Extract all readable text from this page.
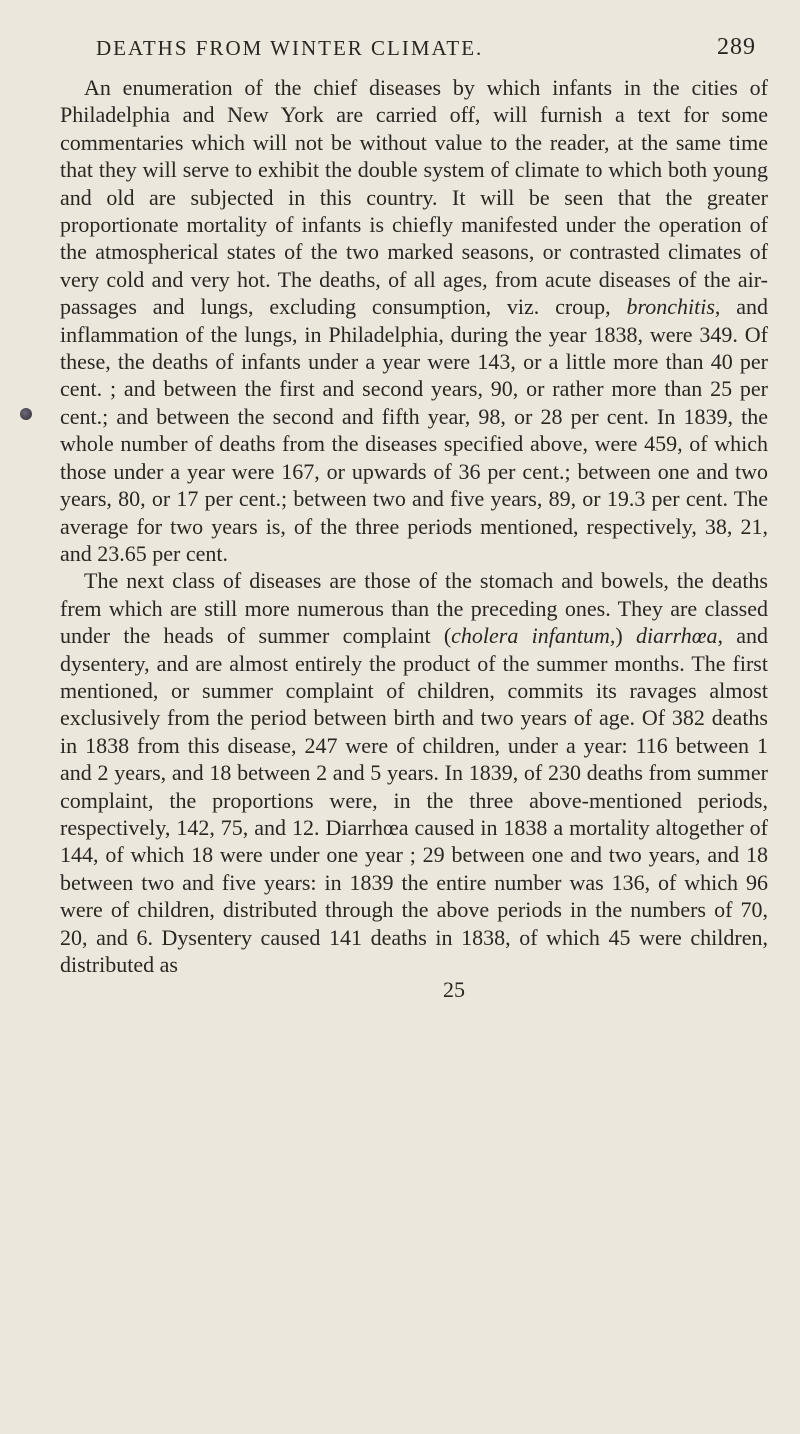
DEATHS FROM WINTER CLIMATE.	289

An enumeration of the chief diseases by which infants in the cities of Philadelphia and New York are carried off, will furnish a text for some commentaries which will not be without value to the reader, at the same time that they will serve to exhibit the double system of climate to which both young and old are subjected in this country. It will be seen that the greater proportionate mortality of infants is chiefly manifested under the operation of the atmospherical states of the two marked seasons, or contrasted climates of very cold and very hot. The deaths, of all ages, from acute diseases of the air-passages and lungs, excluding consumption, viz. croup, bronchitis, and inflammation of the lungs, in Philadelphia, during the year 1838, were 349. Of these, the deaths of infants under a year were 143, or a little more than 40 per cent. ; and between the first and second years, 90, or rather more than 25 per cent.; and between the second and fifth year, 98, or 28 per cent. In 1839, the whole number of deaths from the diseases specified above, were 459, of which those under a year were 167, or upwards of 36 per cent.; between one and two years, 80, or 17 per cent.; between two and five years, 89, or 19.3 per cent. The average for two years is, of the three periods mentioned, respectively, 38, 21, and 23.65 per cent.

The next class of diseases are those of the stomach and bowels, the deaths frem which are still more numerous than the preceding ones. They are classed under the heads of summer complaint (cholera infantum,) diarrhœa, and dysentery, and are almost entirely the product of the summer months. The first mentioned, or summer complaint of children, commits its ravages almost exclusively from the period between birth and two years of age. Of 382 deaths in 1838 from this disease, 247 were of children, under a year: 116 between 1 and 2 years, and 18 between 2 and 5 years. In 1839, of 230 deaths from summer complaint, the proportions were, in the three above-mentioned periods, respectively, 142, 75, and 12. Diarrhœa caused in 1838 a mortality altogether of 144, of which 18 were under one year ; 29 between one and two years, and 18 between two and five years: in 1839 the entire number was 136, of which 96 were of children, distributed through the above periods in the numbers of 70, 20, and 6. Dysentery caused 141 deaths in 1838, of which 45 were children, distributed as

25
